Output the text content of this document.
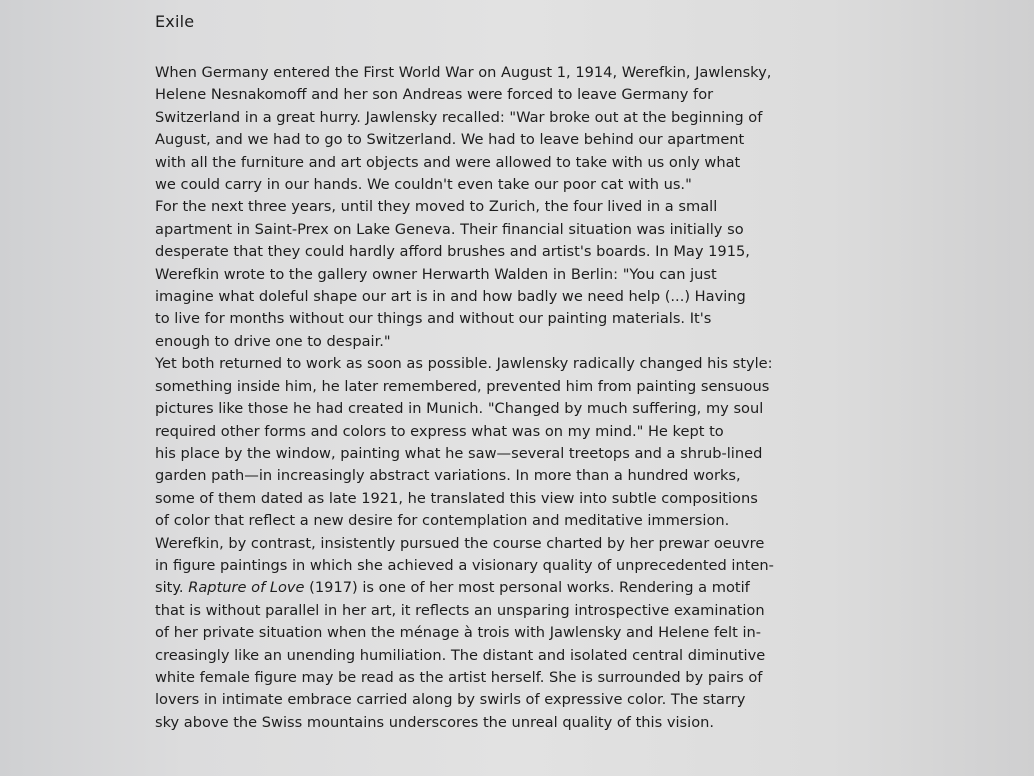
Exile
When Germany entered the First World War on August 1, 1914, Werefkin, Jawlensky,
Helene Nesnakomoff and her son Andreas were forced to leave Germany for
Switzerland in a great hurry. Jawlensky recalled: "War broke out at the beginning of
August, and we had to go to Switzerland. We had to leave behind our apartment
with all the furniture and art objects and were allowed to take with us only what
we could carry in our hands. We couldn't even take our poor cat with us."
For the next three years, until they moved to Zurich, the four lived in a small
apartment in Saint-Prex on Lake Geneva. Their financial situation was initially so
desperate that they could hardly afford brushes and artist's boards. In May 1915,
Werefkin wrote to the gallery owner Herwarth Walden in Berlin: "You can just
imagine what doleful shape our art is in and how badly we need help (...) Having
to live for months without our things and without our painting materials. It's
enough to drive one to despair."
Yet both returned to work as soon as possible. Jawlensky radically changed his style:
something inside him, he later remembered, prevented him from painting sensuous
pictures like those he had created in Munich. "Changed by much suffering, my soul
required other forms and colors to express what was on my mind." He kept to
his place by the window, painting what he saw—several treetops and a shrub-lined
garden path—in increasingly abstract variations. In more than a hundred works,
some of them dated as late 1921, he translated this view into subtle compositions
of color that reflect a new desire for contemplation and meditative immersion.
Werefkin, by contrast, insistently pursued the course charted by her prewar oeuvre
in figure paintings in which she achieved a visionary quality of unprecedented inten-
sity. Rapture of Love (1917) is one of her most personal works. Rendering a motif
that is without parallel in her art, it reflects an unsparing introspective examination
of her private situation when the ménage à trois with Jawlensky and Helene felt in-
creasingly like an unending humiliation. The distant and isolated central diminutive
white female figure may be read as the artist herself. She is surrounded by pairs of
lovers in intimate embrace carried along by swirls of expressive color. The starry
sky above the Swiss mountains underscores the unreal quality of this vision.
